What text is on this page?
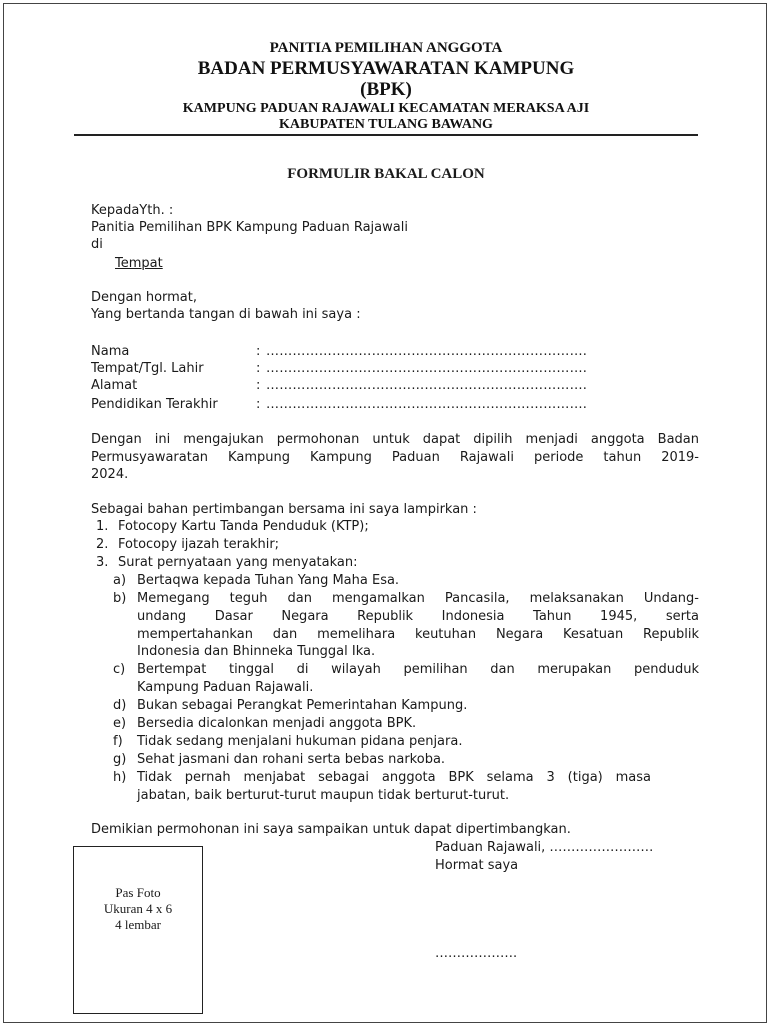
PANITIA PEMILIHAN ANGGOTA
BADAN PERMUSYAWARATAN KAMPUNG
(BPK)
KAMPUNG PADUAN RAJAWALI KECAMATAN MERAKSA AJI
KABUPATEN TULANG BAWANG
FORMULIR BAKAL CALON
KepadaYth. :
Panitia Pemilihan BPK Kampung Paduan Rajawali
di
Tempat
Dengan hormat,
Yang bertanda tangan di bawah ini saya :
Nama	: ……………………………………………………………….
Tempat/Tgl. Lahir	: ……………………………………………………………….
Alamat	: ……………………………………………………………….
Pendidikan Terakhir	: ……………………………………………………………….
Dengan ini mengajukan permohonan untuk dapat dipilih menjadi anggota Badan
Permusyawaratan Kampung Kampung Paduan Rajawali periode tahun 2019-
2024.
Sebagai bahan pertimbangan bersama ini saya lampirkan :
1. Fotocopy Kartu Tanda Penduduk (KTP);
2. Fotocopy ijazah terakhir;
3. Surat pernyataan yang menyatakan:
a) Bertaqwa kepada Tuhan Yang Maha Esa.
b) Memegang teguh dan mengamalkan Pancasila, melaksanakan Undang-
undang Dasar Negara Republik Indonesia Tahun 1945, serta
mempertahankan dan memelihara keutuhan Negara Kesatuan Republik
Indonesia dan Bhinneka Tunggal Ika.
c) Bertempat tinggal di wilayah pemilihan dan merupakan penduduk
Kampung Paduan Rajawali.
d) Bukan sebagai Perangkat Pemerintahan Kampung.
e) Bersedia dicalonkan menjadi anggota BPK.
f) Tidak sedang menjalani hukuman pidana penjara.
g) Sehat jasmani dan rohani serta bebas narkoba.
h) Tidak pernah menjabat sebagai anggota BPK selama 3 (tiga) masa
jabatan, baik berturut-turut maupun tidak berturut-turut.
Demikian permohonan ini saya sampaikan untuk dapat dipertimbangkan.
Paduan Rajawali, ……………………
Hormat saya
……………….
Pas Foto
Ukuran 4 x 6
4 lembar
